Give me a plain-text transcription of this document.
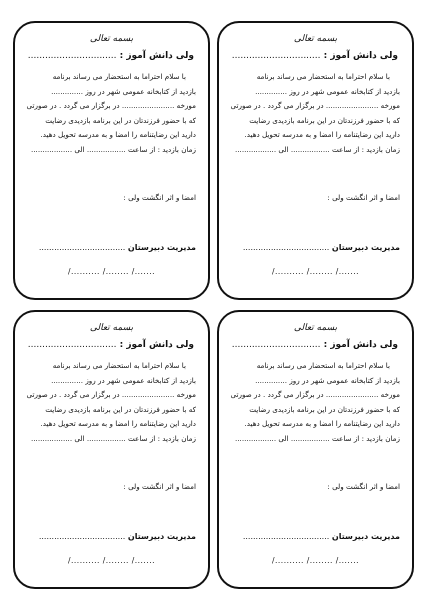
بسمه تعالی
ولی دانش آموز : ...............................
با سلام احتراما به استحضار می رساند برنامه
بازدید از کتابخانه عمومی شهر در روز ..............
مورخه ....................... در برگزار می گردد . در صورتی
که با حضور فرزندتان در این برنامه بازدیدی رضایت
دارید این رضایتنامه را امضا و به مدرسه تحویل دهید.
زمان بازدید : از ساعت ................. الی ..................
امضا و اثر انگشت ولی :
مدیریت دبیرستان ..................................
/.......... /........ /.......
بسمه تعالی
ولی دانش آموز : ...............................
با سلام احتراما به استحضار می رساند برنامه
بازدید از کتابخانه عمومی شهر در روز ..............
مورخه ....................... در برگزار می گردد . در صورتی
که با حضور فرزندتان در این برنامه بازدیدی رضایت
دارید این رضایتنامه را امضا و به مدرسه تحویل دهید.
زمان بازدید : از ساعت ................. الی ..................
امضا و اثر انگشت ولی :
مدیریت دبیرستان ..................................
/.......... /........ /.......
بسمه تعالی
ولی دانش آموز : ...............................
با سلام احتراما به استحضار می رساند برنامه
بازدید از کتابخانه عمومی شهر در روز ..............
مورخه ....................... در برگزار می گردد . در صورتی
که با حضور فرزندتان در این برنامه بازدیدی رضایت
دارید این رضایتنامه را امضا و به مدرسه تحویل دهید.
زمان بازدید : از ساعت ................. الی ..................
امضا و اثر انگشت ولی :
مدیریت دبیرستان ..................................
/.......... /........ /.......
بسمه تعالی
ولی دانش آموز : ...............................
با سلام احتراما به استحضار می رساند برنامه
بازدید از کتابخانه عمومی شهر در روز ..............
مورخه ....................... در برگزار می گردد . در صورتی
که با حضور فرزندتان در این برنامه بازدیدی رضایت
دارید این رضایتنامه را امضا و به مدرسه تحویل دهید.
زمان بازدید : از ساعت ................. الی ..................
امضا و اثر انگشت ولی :
مدیریت دبیرستان ..................................
/.......... /........ /.......
